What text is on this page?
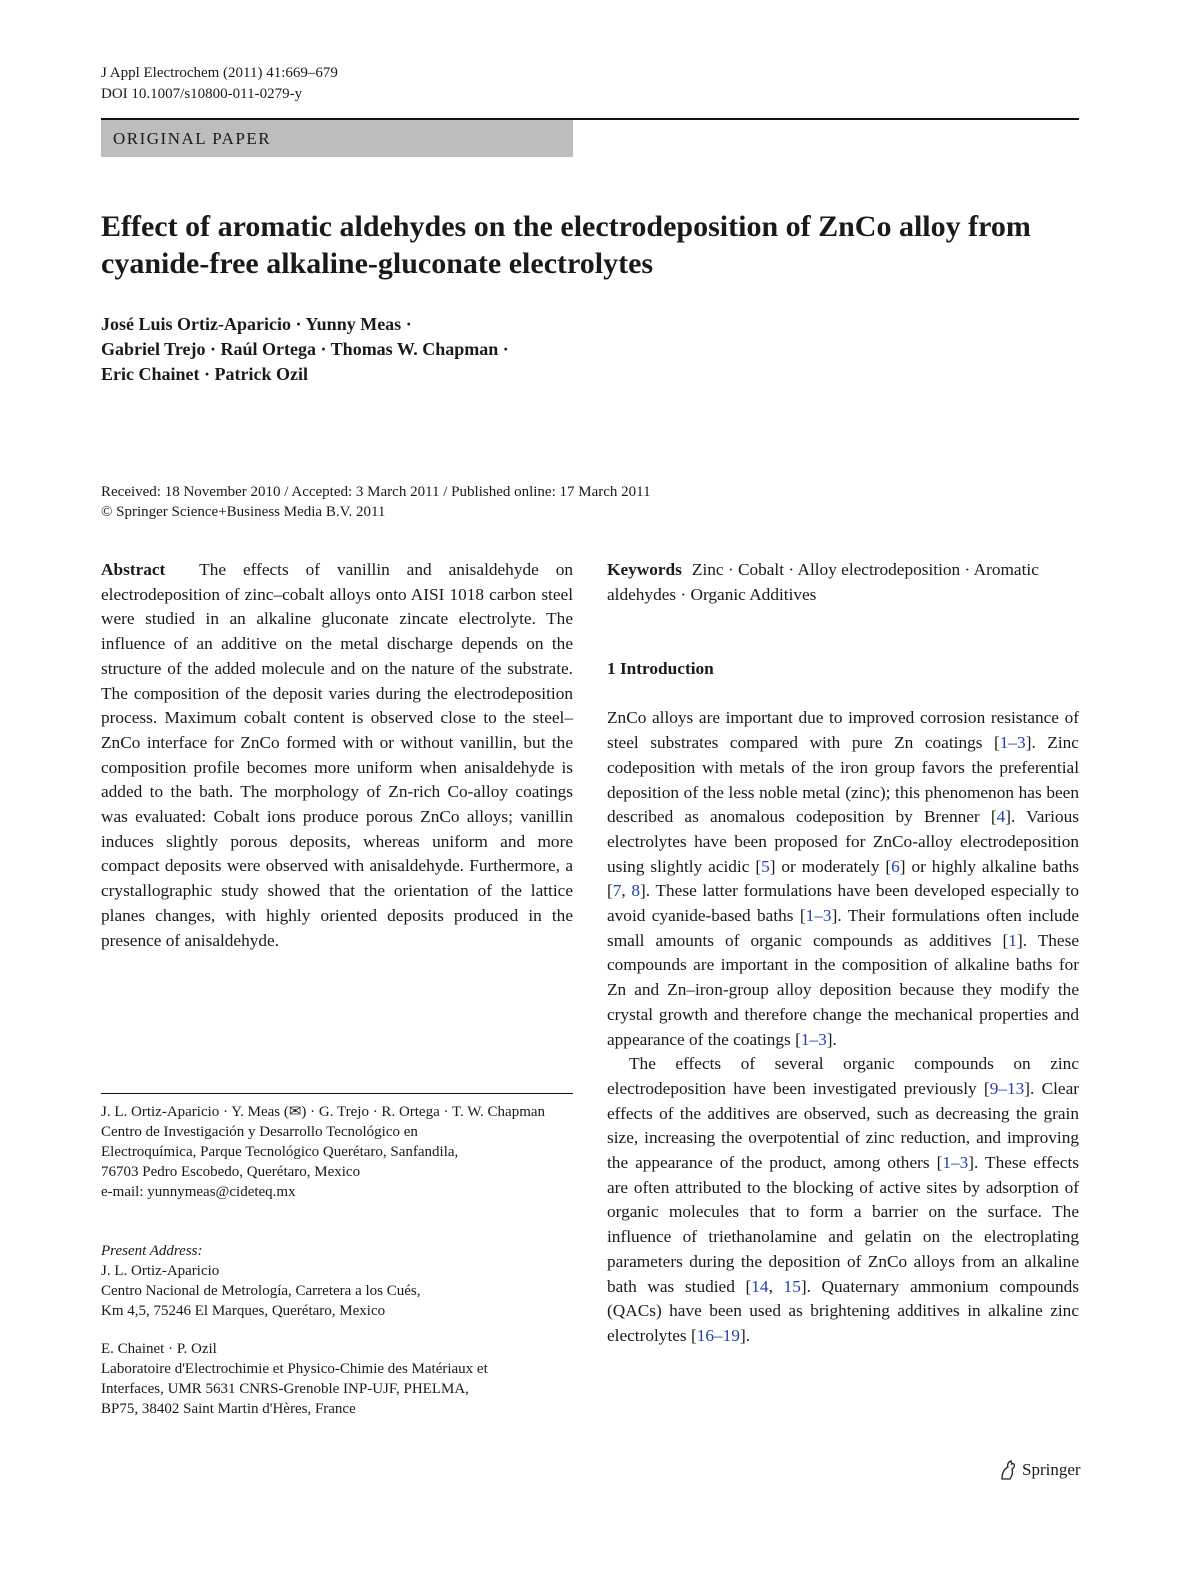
J Appl Electrochem (2011) 41:669–679
DOI 10.1007/s10800-011-0279-y
ORIGINAL PAPER
Effect of aromatic aldehydes on the electrodeposition of ZnCo alloy from cyanide-free alkaline-gluconate electrolytes
José Luis Ortiz-Aparicio · Yunny Meas ·
Gabriel Trejo · Raúl Ortega · Thomas W. Chapman ·
Eric Chainet · Patrick Ozil
Received: 18 November 2010 / Accepted: 3 March 2011 / Published online: 17 March 2011
© Springer Science+Business Media B.V. 2011

Abstract The effects of vanillin and anisaldehyde on electrodeposition of zinc–cobalt alloys onto AISI 1018 carbon steel were studied in an alkaline gluconate zincate electrolyte. The influence of an additive on the metal discharge depends on the structure of the added molecule and on the nature of the substrate. The composition of the deposit varies during the electrodeposition process. Maximum cobalt content is observed close to the steel–ZnCo interface for ZnCo formed with or without vanillin, but the composition profile becomes more uniform when anisaldehyde is added to the bath. The morphology of Zn-rich Co-alloy coatings was evaluated: Cobalt ions produce porous ZnCo alloys; vanillin induces slightly porous deposits, whereas uniform and more compact deposits were observed with anisaldehyde. Furthermore, a crystallographic study showed that the orientation of the lattice planes changes, with highly oriented deposits produced in the presence of anisaldehyde.

J. L. Ortiz-Aparicio · Y. Meas (✉) · G. Trejo · R. Ortega · T. W. Chapman
Centro de Investigación y Desarrollo Tecnológico en
Electroquímica, Parque Tecnológico Querétaro, Sanfandila,
76703 Pedro Escobedo, Querétaro, Mexico
e-mail: yunnymeas@cideteq.mx
Present Address:
J. L. Ortiz-Aparicio
Centro Nacional de Metrología, Carretera a los Cués,
Km 4,5, 75246 El Marques, Querétaro, Mexico
E. Chainet · P. Ozil
Laboratoire d'Electrochimie et Physico-Chimie des Matériaux et
Interfaces, UMR 5631 CNRS-Grenoble INP-UJF, PHELMA,
BP75, 38402 Saint Martin d'Hères, France

Keywords Zinc · Cobalt · Alloy electrodeposition · Aromatic aldehydes · Organic Additives

1 Introduction

ZnCo alloys are important due to improved corrosion resistance of steel substrates compared with pure Zn coatings [1–3]. Zinc codeposition with metals of the iron group favors the preferential deposition of the less noble metal (zinc); this phenomenon has been described as anomalous codeposition by Brenner [4]. Various electrolytes have been proposed for ZnCo-alloy electrodeposition using slightly acidic [5] or moderately [6] or highly alkaline baths [7, 8]. These latter formulations have been developed especially to avoid cyanide-based baths [1–3]. Their formulations often include small amounts of organic compounds as additives [1]. These compounds are important in the composition of alkaline baths for Zn and Zn–iron-group alloy deposition because they modify the crystal growth and therefore change the mechanical properties and appearance of the coatings [1–3].

The effects of several organic compounds on zinc electrodeposition have been investigated previously [9–13]. Clear effects of the additives are observed, such as decreasing the grain size, increasing the overpotential of zinc reduction, and improving the appearance of the product, among others [1–3]. These effects are often attributed to the blocking of active sites by adsorption of organic molecules that to form a barrier on the surface. The influence of triethanolamine and gelatin on the electroplating parameters during the deposition of ZnCo alloys from an alkaline bath was studied [14, 15]. Quaternary ammonium compounds (QACs) have been used as brightening additives in alkaline zinc electrolytes [16–19].

Springer
